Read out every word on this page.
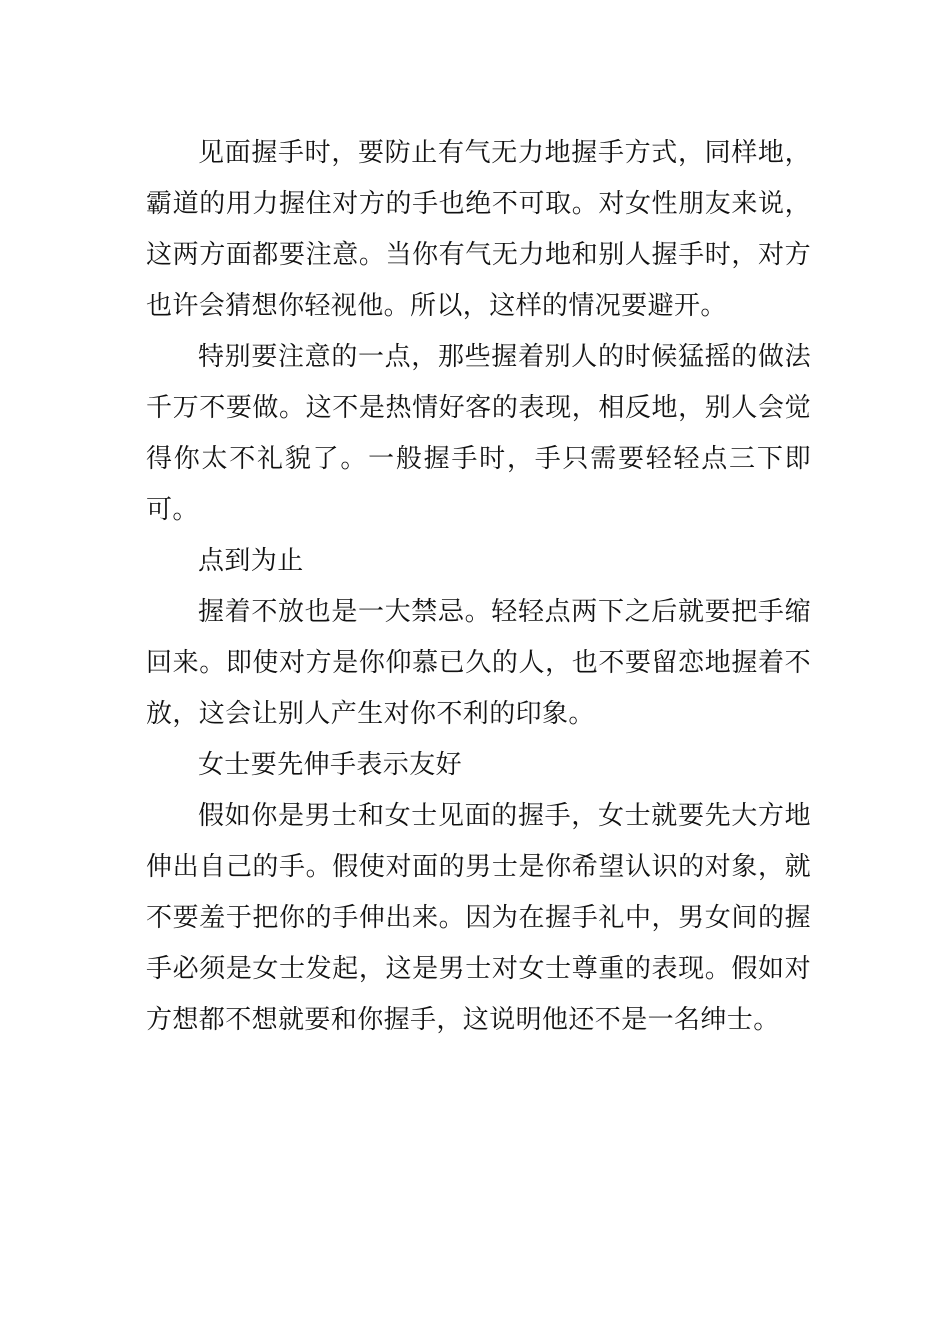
见面握手时，要防止有气无力地握手方式，同样地，霸道的用力握住对方的手也绝不可取。对女性朋友来说，这两方面都要注意。当你有气无力地和别人握手时，对方也许会猜想你轻视他。所以，这样的情况要避开。

特别要注意的一点，那些握着别人的时候猛摇的做法千万不要做。这不是热情好客的表现，相反地，别人会觉得你太不礼貌了。一般握手时，手只需要轻轻点三下即可。

点到为止

握着不放也是一大禁忌。轻轻点两下之后就要把手缩回来。即使对方是你仰慕已久的人，也不要留恋地握着不放，这会让别人产生对你不利的印象。

女士要先伸手表示友好

假如你是男士和女士见面的握手，女士就要先大方地伸出自己的手。假使对面的男士是你希望认识的对象，就不要羞于把你的手伸出来。因为在握手礼中，男女间的握手必须是女士发起，这是男士对女士尊重的表现。假如对方想都不想就要和你握手，这说明他还不是一名绅士。
